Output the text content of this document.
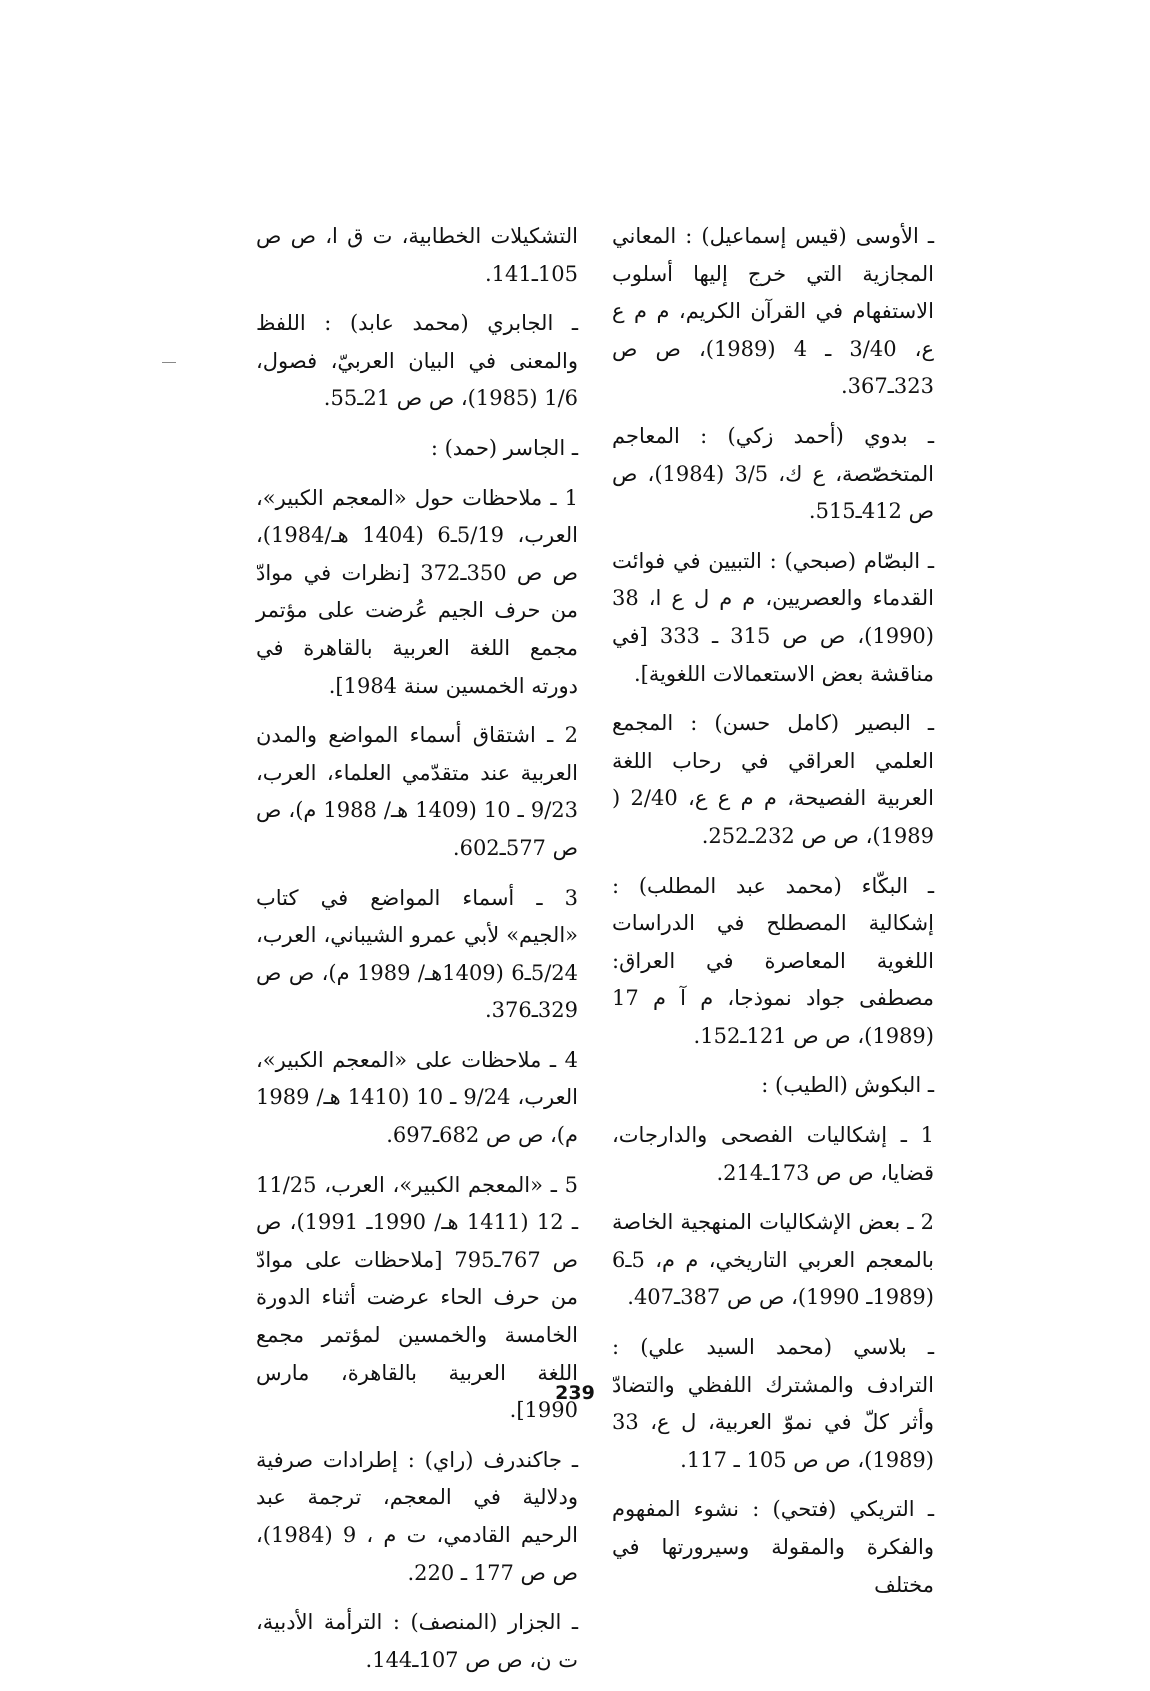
ـ الأوسى (قيس إسماعيل) : المعاني المجازية التي خرج إليها أسلوب الاستفهام في القرآن الكريم، م م ع ع، 3/40 ـ 4 (1989)، ص ص 323ـ367.

ـ بدوي (أحمد زكي) : المعاجم المتخصّصة، ع ك، 3/5 (1984)، ص ص 412ـ515.

ـ البصّام (صبحي) : التبيين في فوائت القدماء والعصريين، م م ل ع ا، 38 (1990)، ص ص 315 ـ 333 [في مناقشة بعض الاستعمالات اللغوية].

ـ البصير (كامل حسن) : المجمع العلمي العراقي في رحاب اللغة العربية الفصيحة، م م ع ع، 2/40 ( 1989)، ص ص 232ـ252.

ـ البكّاء (محمد عبد المطلب) : إشكالية المصطلح في الدراسات اللغوية المعاصرة في العراق: مصطفى جواد نموذجا، م آ م 17 (1989)، ص ص 121ـ152.

ـ البكوش (الطيب) :

1 ـ إشكاليات الفصحى والدارجات، قضايا، ص ص 173ـ214.

2 ـ بعض الإشكاليات المنهجية الخاصة بالمعجم العربي التاريخي، م م، 5ـ6 (1989ـ 1990)، ص ص 387ـ407.

ـ بلاسي (محمد السيد علي) : الترادف والمشترك اللفظي والتضادّ وأثر كلّ في نموّ العربية، ل ع، 33 (1989)، ص ص 105 ـ 117.

ـ التريكي (فتحي) : نشوء المفهوم والفكرة والمقولة وسيرورتها في مختلف

التشكيلات الخطابية، ت ق ا، ص ص 105ـ141.

ـ الجابري (محمد عابد) : اللفظ والمعنى في البيان العربيّ، فصول، 1/6 (1985)، ص ص 21ـ55.

ـ الجاسر (حمد) :

1 ـ ملاحظات حول «المعجم الكبير»، العرب، 5/19ـ6 (1404 هـ/1984)، ص ص 350ـ372 [نظرات في موادّ من حرف الجيم عُرضت على مؤتمر مجمع اللغة العربية بالقاهرة في دورته الخمسين سنة 1984].

2 ـ اشتقاق أسماء المواضع والمدن العربية عند متقدّمي العلماء، العرب، 9/23 ـ 10 (1409 هـ/ 1988 م)، ص ص 577ـ602.

3 ـ أسماء المواضع في كتاب «الجيم» لأبي عمرو الشيباني، العرب، 5/24ـ6 (1409هـ/ 1989 م)، ص ص 329ـ376.

4 ـ ملاحظات على «المعجم الكبير»، العرب، 9/24 ـ 10 (1410 هـ/ 1989 م)، ص ص 682ـ697.

5 ـ «المعجم الكبير»، العرب، 11/25 ـ 12 (1411 هـ/ 1990ـ 1991)، ص ص 767ـ795 [ملاحظات على موادّ من حرف الحاء عرضت أثناء الدورة الخامسة والخمسين لمؤتمر مجمع اللغة العربية بالقاهرة، مارس 1990].

ـ جاكندرف (راي) : إطرادات صرفية ودلالية في المعجم، ترجمة عبد الرحيم القادمي، ت م ، 9 (1984)، ص ص 177 ـ 220.

ـ الجزار (المنصف) : الترأمة الأدبية، ت ن، ص ص 107ـ144.

239
